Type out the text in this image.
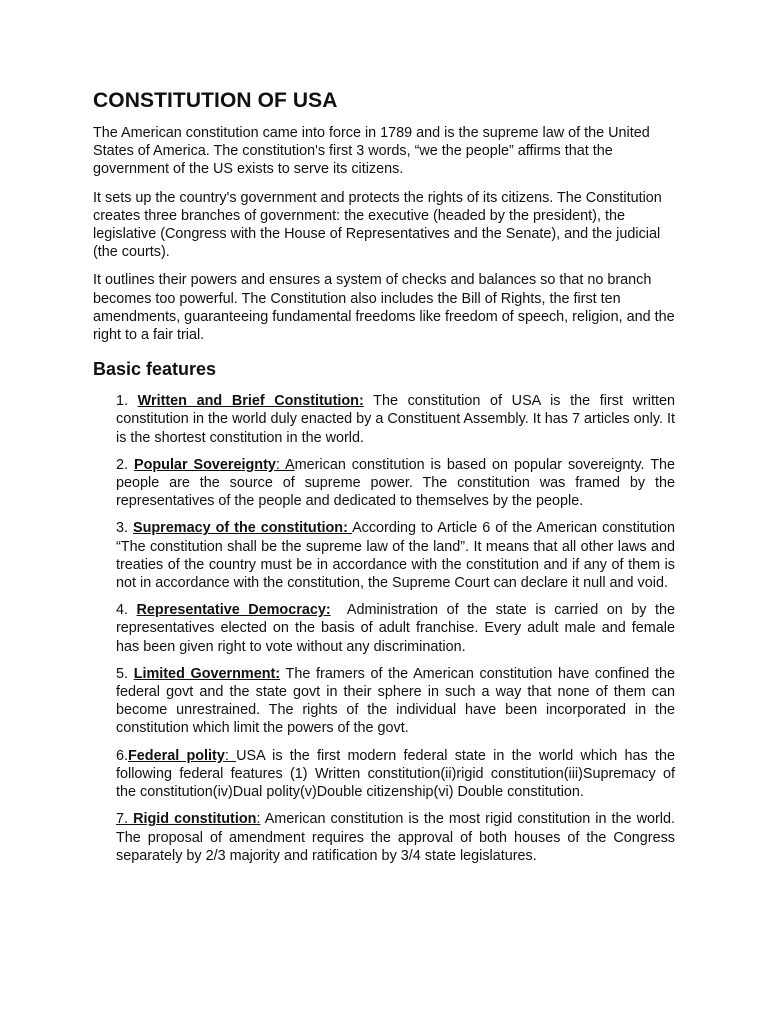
CONSTITUTION OF USA

The American constitution came into force in 1789 and is the supreme law of the United States of America. The constitution's first 3 words, “we the people” affirms that the government of the US exists to serve its citizens.

It sets up the country's government and protects the rights of its citizens. The Constitution creates three branches of government: the executive (headed by the president), the legislative (Congress with the House of Representatives and the Senate), and the judicial (the courts).

It outlines their powers and ensures a system of checks and balances so that no branch becomes too powerful. The Constitution also includes the Bill of Rights, the first ten amendments, guaranteeing fundamental freedoms like freedom of speech, religion, and the right to a fair trial.

Basic features
1. Written and Brief Constitution: The constitution of USA is the first written constitution in the world duly enacted by a Constituent Assembly. It has 7 articles only. It is the shortest constitution in the world.
2. Popular Sovereignty: American constitution is based on popular sovereignty. The people are the source of supreme power. The constitution was framed by the representatives of the people and dedicated to themselves by the people.
3. Supremacy of the constitution: According to Article 6 of the American constitution “The constitution shall be the supreme law of the land”. It means that all other laws and treaties of the country must be in accordance with the constitution and if any of them is not in accordance with the constitution, the Supreme Court can declare it null and void.
4. Representative Democracy: Administration of the state is carried on by the representatives elected on the basis of adult franchise. Every adult male and female has been given right to vote without any discrimination.
5. Limited Government: The framers of the American constitution have confined the federal govt and the state govt in their sphere in such a way that none of them can become unrestrained. The rights of the individual have been incorporated in the constitution which limit the powers of the govt.
6.Federal polity: USA is the first modern federal state in the world which has the following federal features (1) Written constitution(ii)rigid constitution(iii)Supremacy of the constitution(iv)Dual polity(v)Double citizenship(vi) Double constitution.
7. Rigid constitution: American constitution is the most rigid constitution in the world. The proposal of amendment requires the approval of both houses of the Congress separately by 2/3 majority and ratification by 3/4 state legislatures.
